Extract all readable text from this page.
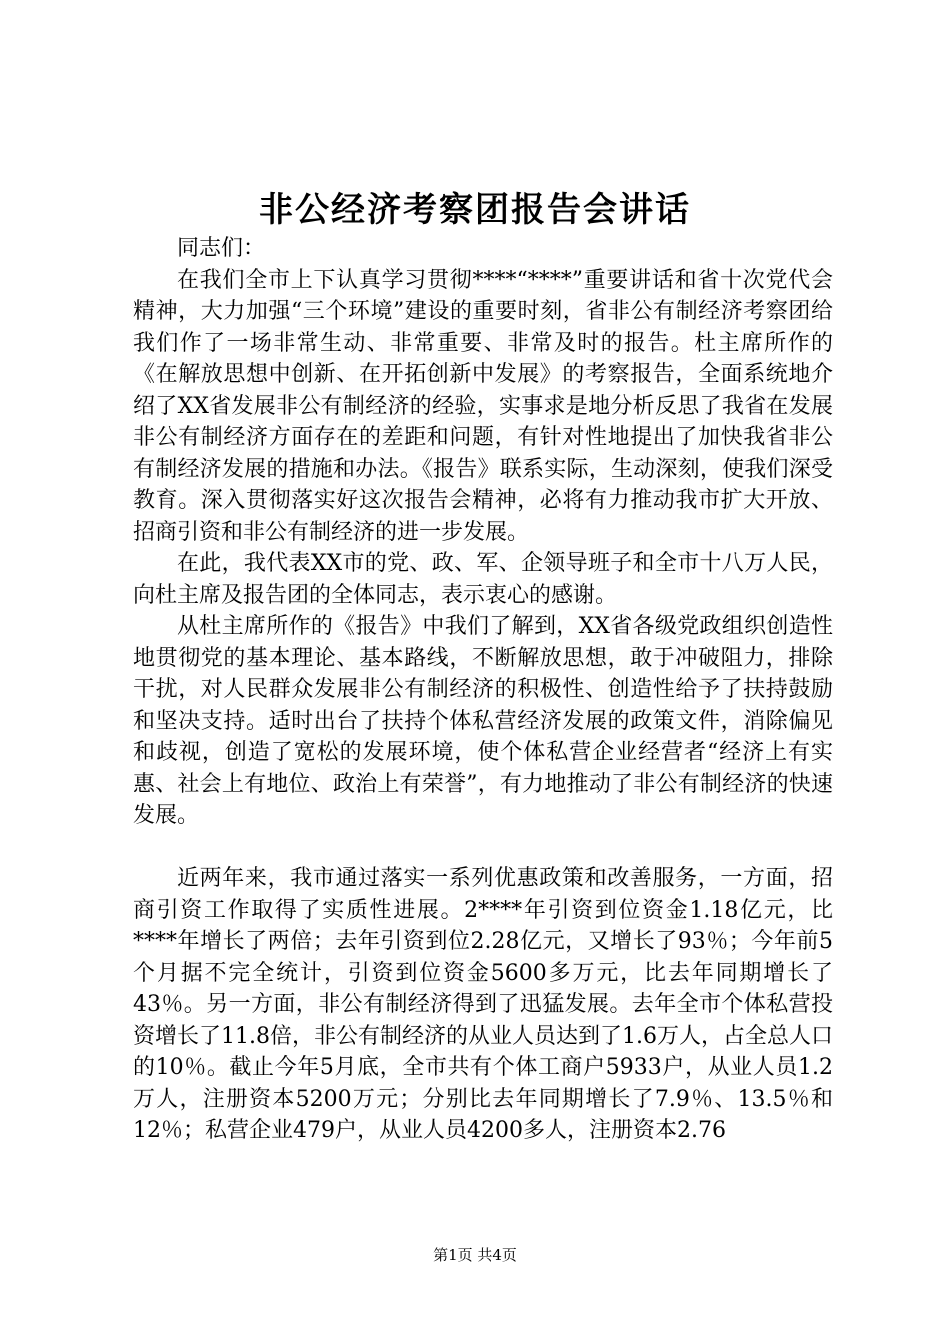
非公经济考察团报告会讲话

同志们：

在我们全市上下认真学习贯彻****“****”重要讲话和省十次党代会精神，大力加强“三个环境”建设的重要时刻，省非公有制经济考察团给我们作了一场非常生动、非常重要、非常及时的报告。杜主席所作的《在解放思想中创新、在开拓创新中发展》的考察报告，全面系统地介绍了XX省发展非公有制经济的经验，实事求是地分析反思了我省在发展非公有制经济方面存在的差距和问题，有针对性地提出了加快我省非公有制经济发展的措施和办法。《报告》联系实际，生动深刻，使我们深受教育。深入贯彻落实好这次报告会精神，必将有力推动我市扩大开放、招商引资和非公有制经济的进一步发展。

在此，我代表XX市的党、政、军、企领导班子和全市十八万人民，向杜主席及报告团的全体同志，表示衷心的感谢。

从杜主席所作的《报告》中我们了解到，XX省各级党政组织创造性地贯彻党的基本理论、基本路线，不断解放思想，敢于冲破阻力，排除干扰，对人民群众发展非公有制经济的积极性、创造性给予了扶持鼓励和坚决支持。适时出台了扶持个体私营经济发展的政策文件，消除偏见和歧视，创造了宽松的发展环境，使个体私营企业经营者“经济上有实惠、社会上有地位、政治上有荣誉”，有力地推动了非公有制经济的快速发展。

近两年来，我市通过落实一系列优惠政策和改善服务，一方面，招商引资工作取得了实质性进展。2****年引资到位资金1.18亿元，比****年增长了两倍；去年引资到位2.28亿元，又增长了93％；今年前5个月据不完全统计，引资到位资金5600多万元，比去年同期增长了43％。另一方面，非公有制经济得到了迅猛发展。去年全市个体私营投资增长了11.8倍，非公有制经济的从业人员达到了1.6万人，占全总人口的10％。截止今年5月底，全市共有个体工商户5933户，从业人员1.2万人，注册资本5200万元；分别比去年同期增长了7.9％、13.5％和12％；私营企业479户，从业人员4200多人，注册资本2.76

第1页 共4页
